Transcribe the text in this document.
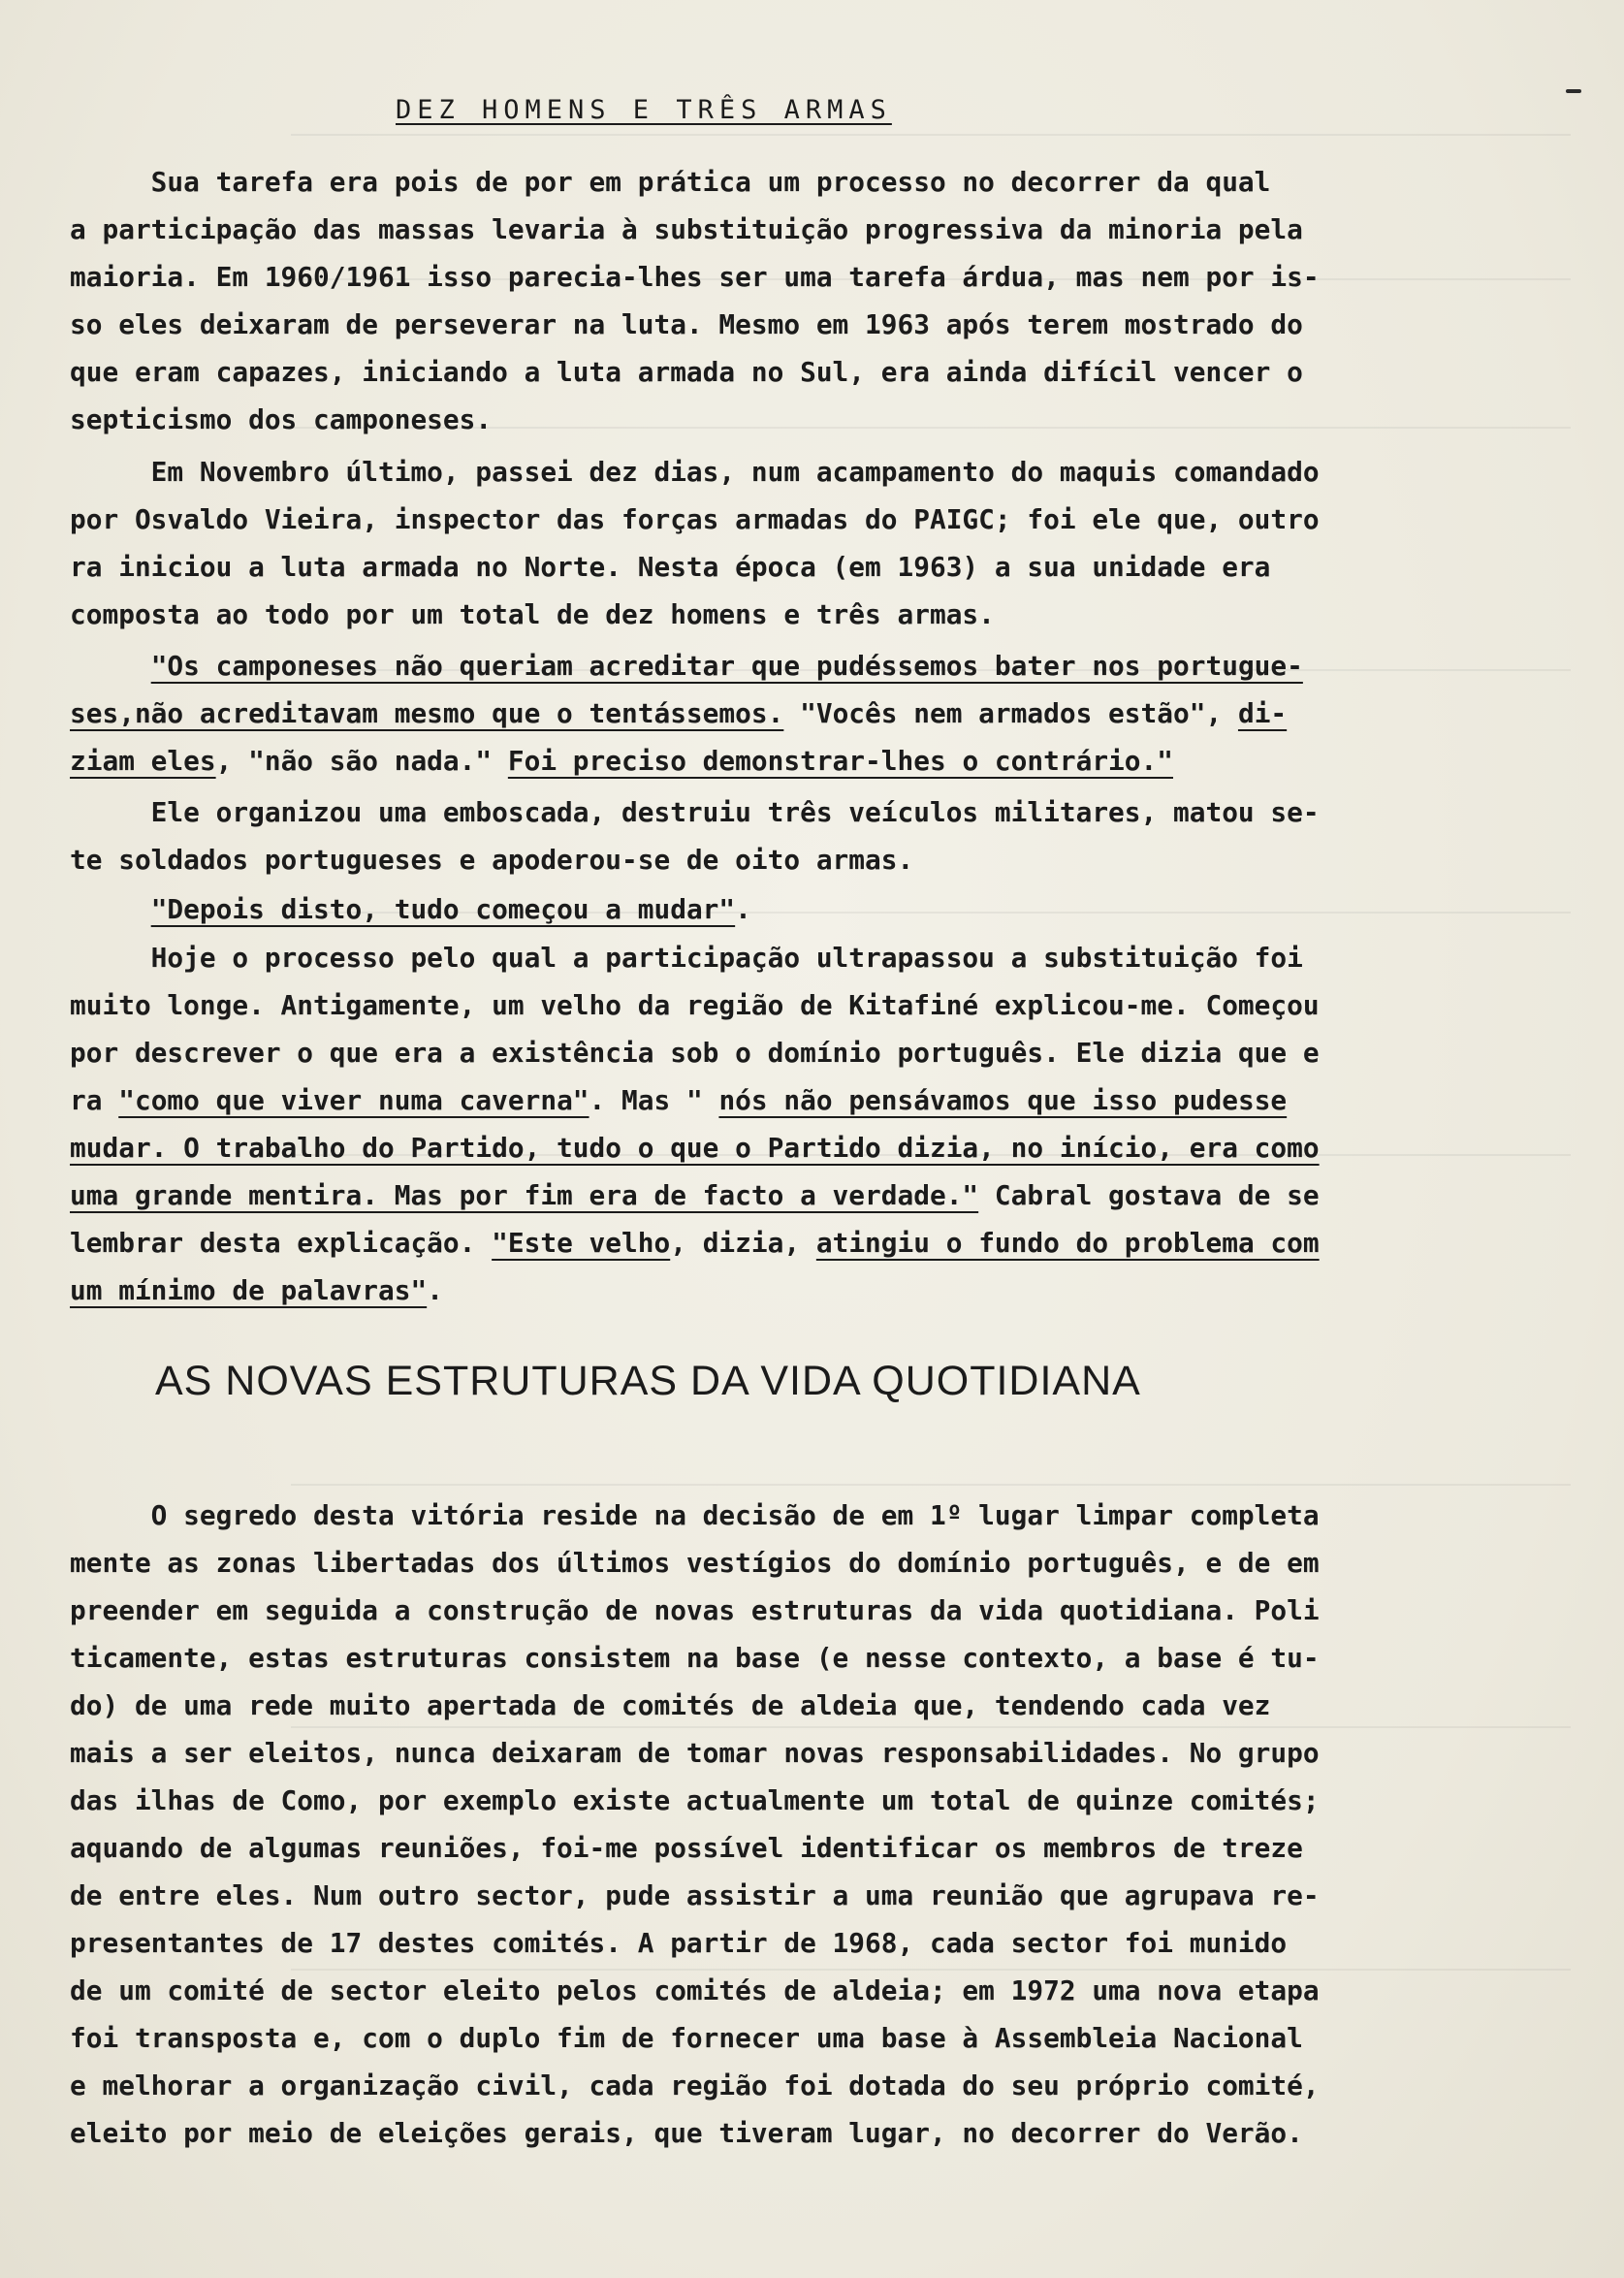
DEZ HOMENS E TRÊS ARMAS
Sua tarefa era pois de por em prática um processo no decorrer da qual
a participação das massas levaria à substituição progressiva da minoria pela
maioria. Em 1960/1961 isso parecia-lhes ser uma tarefa árdua, mas nem por is-
so eles deixaram de perseverar na luta. Mesmo em 1963 após terem mostrado do
que eram capazes, iniciando a luta armada no Sul, era ainda difícil vencer o
septicismo dos camponeses.
Em Novembro último, passei dez dias, num acampamento do maquis comandado
por Osvaldo Vieira, inspector das forças armadas do PAIGC; foi ele que, outro
ra iniciou a luta armada no Norte. Nesta época (em 1963) a sua unidade era
composta ao todo por um total de dez homens e três armas.
"Os camponeses não queriam acreditar que pudéssemos bater nos portugue-
ses,não acreditavam mesmo que o tentássemos. "Vocês nem armados estão", di-
ziam eles, "não são nada." Foi preciso demonstrar-lhes o contrário."
Ele organizou uma emboscada, destruiu três veículos militares, matou se-
te soldados portugueses e apoderou-se de oito armas.
"Depois disto, tudo começou a mudar".
Hoje o processo pelo qual a participação ultrapassou a substituição foi
muito longe. Antigamente, um velho da região de Kitafiné explicou-me. Começou
por descrever o que era a existência sob o domínio português. Ele dizia que e
ra "como que viver numa caverna". Mas " nós não pensávamos que isso pudesse
mudar. O trabalho do Partido, tudo o que o Partido dizia, no início, era como
uma grande mentira. Mas por fim era de facto a verdade." Cabral gostava de se
lembrar desta explicação. "Este velho, dizia, atingiu o fundo do problema com
um mínimo de palavras".
AS NOVAS ESTRUTURAS DA VIDA QUOTIDIANA
O segredo desta vitória reside na decisão de em 1º lugar limpar completa
mente as zonas libertadas dos últimos vestígios do domínio português, e de em
preender em seguida a construção de novas estruturas da vida quotidiana. Poli
ticamente, estas estruturas consistem na base (e nesse contexto, a base é tu-
do) de uma rede muito apertada de comités de aldeia que, tendendo cada vez
mais a ser eleitos, nunca deixaram de tomar novas responsabilidades. No grupo
das ilhas de Como, por exemplo existe actualmente um total de quinze comités;
aquando de algumas reuniões, foi-me possível identificar os membros de treze
de entre eles. Num outro sector, pude assistir a uma reunião que agrupava re-
presentantes de 17 destes comités. A partir de 1968, cada sector foi munido
de um comité de sector eleito pelos comités de aldeia; em 1972 uma nova etapa
foi transposta e, com o duplo fim de fornecer uma base à Assembleia Nacional
e melhorar a organização civil, cada região foi dotada do seu próprio comité,
eleito por meio de eleições gerais, que tiveram lugar, no decorrer do Verão.
